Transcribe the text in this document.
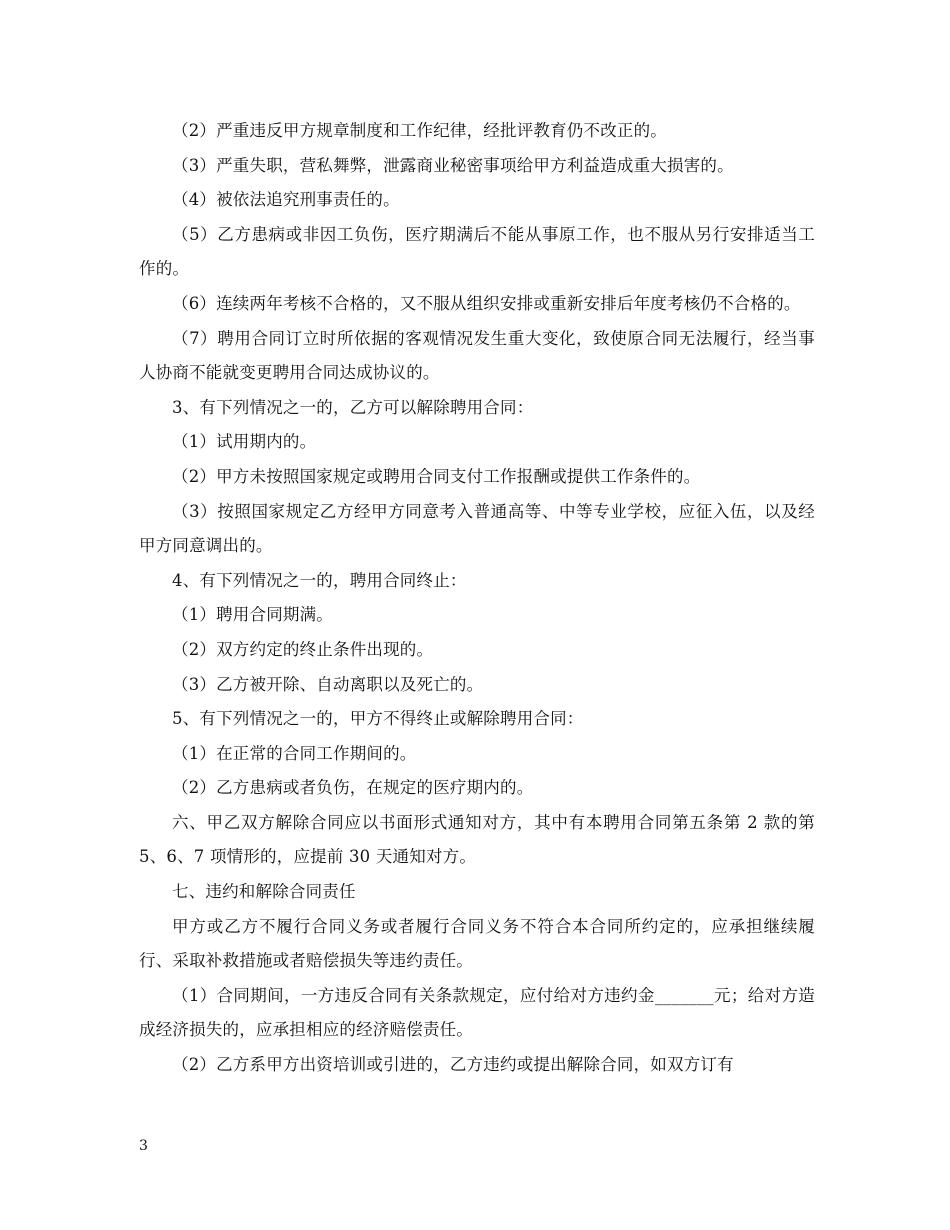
（2）严重违反甲方规章制度和工作纪律，经批评教育仍不改正的。

（3）严重失职，营私舞弊，泄露商业秘密事项给甲方利益造成重大损害的。

（4）被依法追究刑事责任的。

（5）乙方患病或非因工负伤，医疗期满后不能从事原工作，也不服从另行安排适当工作的。

（6）连续两年考核不合格的，又不服从组织安排或重新安排后年度考核仍不合格的。

（7）聘用合同订立时所依据的客观情况发生重大变化，致使原合同无法履行，经当事人协商不能就变更聘用合同达成协议的。

3、有下列情况之一的，乙方可以解除聘用合同：

（1）试用期内的。

（2）甲方未按照国家规定或聘用合同支付工作报酬或提供工作条件的。

（3）按照国家规定乙方经甲方同意考入普通高等、中等专业学校，应征入伍，以及经甲方同意调出的。

4、有下列情况之一的，聘用合同终止：

（1）聘用合同期满。

（2）双方约定的终止条件出现的。

（3）乙方被开除、自动离职以及死亡的。

5、有下列情况之一的，甲方不得终止或解除聘用合同：

（1）在正常的合同工作期间的。

（2）乙方患病或者负伤，在规定的医疗期内的。

六、甲乙双方解除合同应以书面形式通知对方，其中有本聘用合同第五条第 2 款的第 5、6、7 项情形的，应提前 30 天通知对方。

七、违约和解除合同责任

甲方或乙方不履行合同义务或者履行合同义务不符合本合同所约定的，应承担继续履行、采取补救措施或者赔偿损失等违约责任。

（1）合同期间，一方违反合同有关条款规定，应付给对方违约金_______元；给对方造成经济损失的，应承担相应的经济赔偿责任。

（2）乙方系甲方出资培训或引进的，乙方违约或提出解除合同，如双方订有

3
